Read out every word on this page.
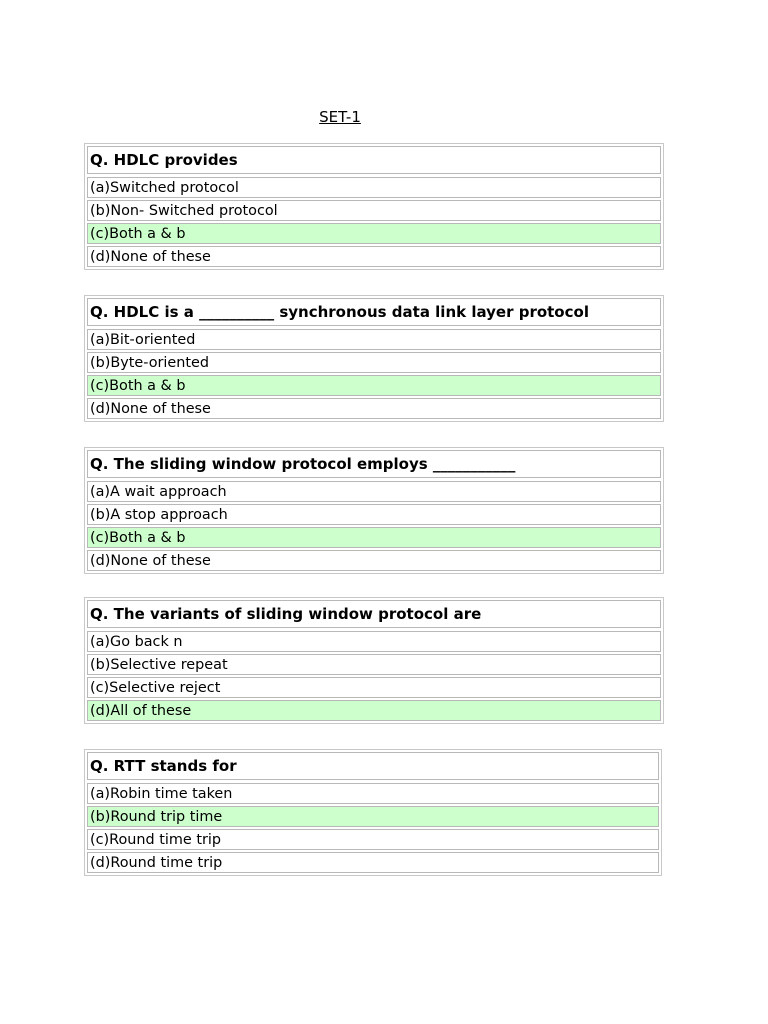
SET-1
Q. HDLC provides
(a)Switched protocol
(b)Non- Switched protocol
(c)Both a & b
(d)None of these
Q. HDLC is a __________ synchronous data link layer protocol
(a)Bit-oriented
(b)Byte-oriented
(c)Both a & b
(d)None of these
Q. The sliding window protocol employs ___________
(a)A wait approach
(b)A stop approach
(c)Both a & b
(d)None of these
Q. The variants of sliding window protocol are
(a)Go back n
(b)Selective repeat
(c)Selective reject
(d)All of these
Q. RTT stands for
(a)Robin time taken
(b)Round trip time
(c)Round time trip
(d)Round time trip
